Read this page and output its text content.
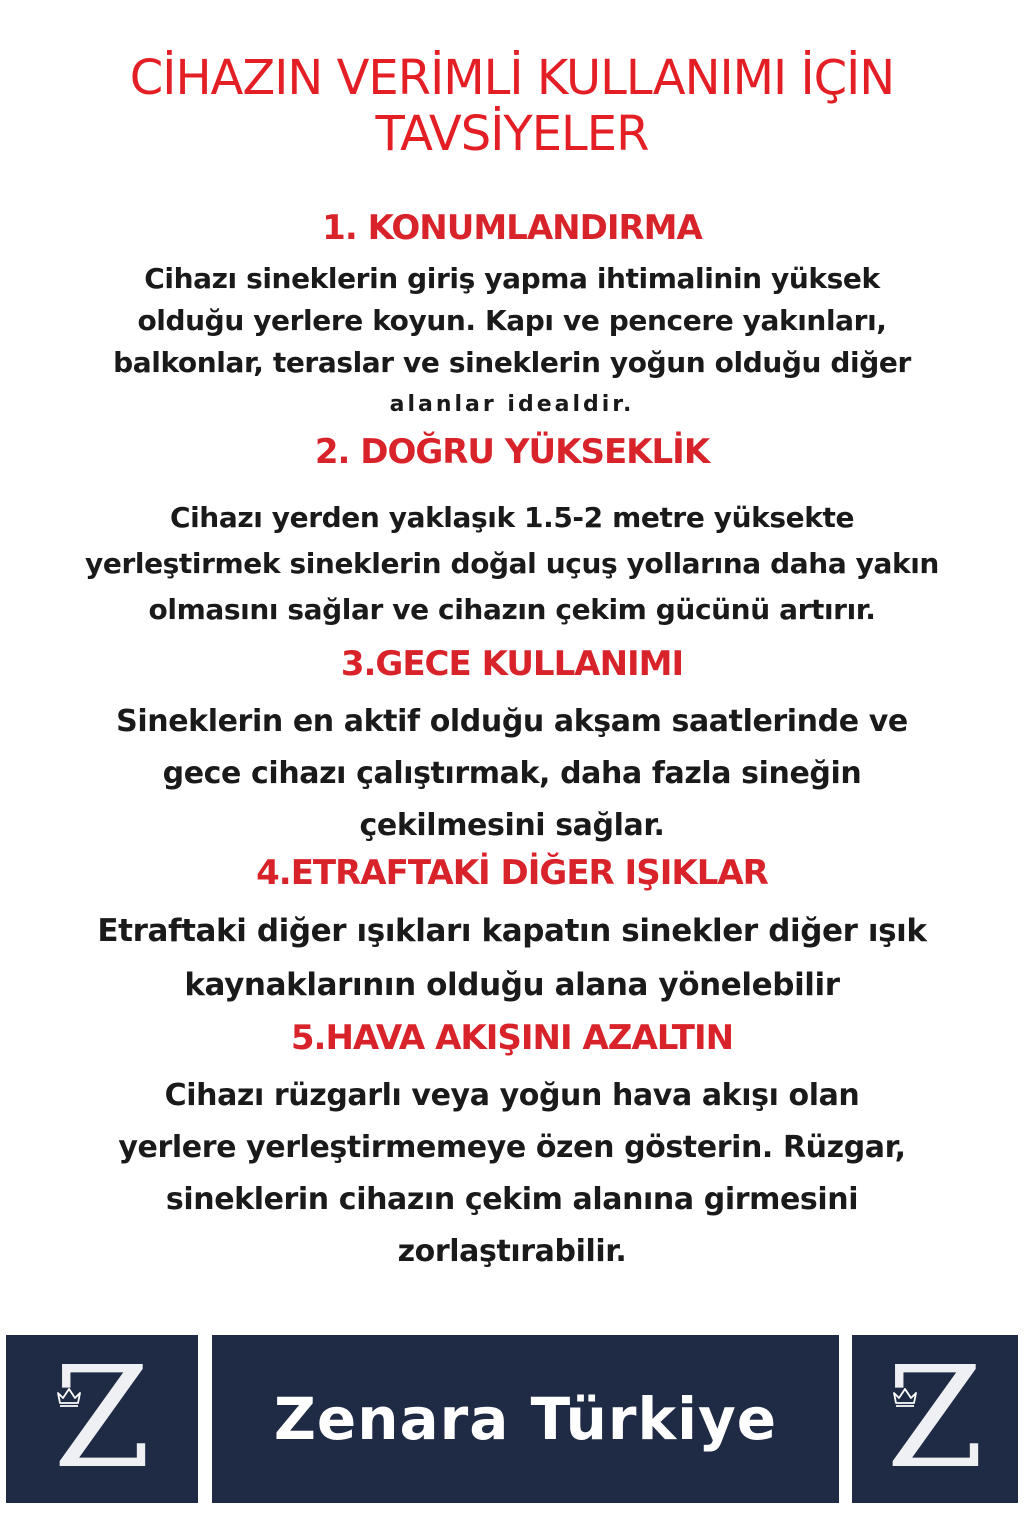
CİHAZIN VERİMLİ KULLANIMI İÇİN
TAVSİYELER
1. KONUMLANDIRMA
Cihazı sineklerin giriş yapma ihtimalinin yüksek
olduğu yerlere koyun. Kapı ve pencere yakınları,
balkonlar, teraslar ve sineklerin yoğun olduğu diğer
alanlar idealdir.
2. DOĞRU YÜKSEKLİK
Cihazı yerden yaklaşık 1.5-2 metre yüksekte
yerleştirmek sineklerin doğal uçuş yollarına daha yakın
olmasını sağlar ve cihazın çekim gücünü artırır.
3.GECE KULLANIMI
Sineklerin en aktif olduğu akşam saatlerinde ve
gece cihazı çalıştırmak, daha fazla sineğin
çekilmesini sağlar.
4.ETRAFTAKİ DİĞER IŞIKLAR
Etraftaki diğer ışıkları kapatın sinekler diğer ışık
kaynaklarının olduğu alana yönelebilir
5.HAVA AKIŞINI AZALTIN
Cihazı rüzgarlı veya yoğun hava akışı olan
yerlere yerleştirmemeye özen gösterin. Rüzgar,
sineklerin cihazın çekim alanına girmesini
zorlaştırabilir.
Z	Zenara Türkiye Z
